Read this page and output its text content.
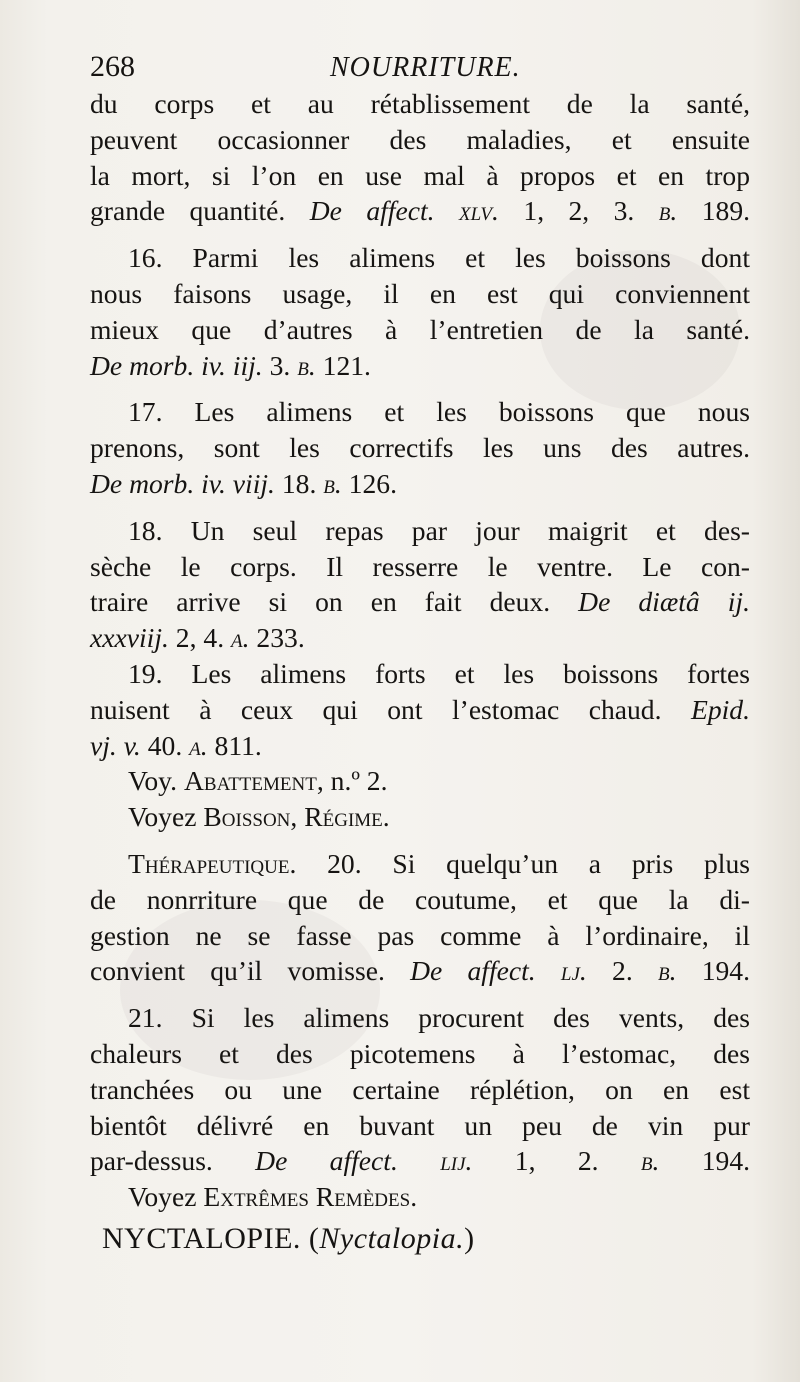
268	NOURRITURE.
du corps et au rétablissement de la santé,
peuvent occasionner des maladies, et ensuite
la mort, si l’on en use mal à propos et en trop
grande quantité. De affect. xlv. 1, 2, 3. b. 189.
16. Parmi les alimens et les boissons dont
nous faisons usage, il en est qui conviennent
mieux que d’autres à l’entretien de la santé.
De morb. iv. iij. 3. b. 121.
17. Les alimens et les boissons que nous
prenons, sont les correctifs les uns des autres.
De morb. iv. viij. 18. b. 126.
18. Un seul repas par jour maigrit et des-
sèche le corps. Il resserre le ventre. Le con-
traire arrive si on en fait deux. De diætâ ij.
xxxviij. 2, 4. a. 233.
19. Les alimens forts et les boissons fortes
nuisent à ceux qui ont l’estomac chaud. Epid.
vj. v. 40. a. 811.
Voy. Abattement, n.º 2.
Voyez Boisson, Régime.
Thérapeutique. 20. Si quelqu’un a pris plus
de nonrriture que de coutume, et que la di-
gestion ne se fasse pas comme à l’ordinaire, il
convient qu’il vomisse. De affect. lj. 2. b. 194.
21. Si les alimens procurent des vents, des
chaleurs et des picotemens à l’estomac, des
tranchées ou une certaine réplétion, on en est
bientôt délivré en buvant un peu de vin pur
par-dessus. De affect. lij. 1, 2. b. 194.
Voyez Extrêmes Remèdes.
NYCTALOPIE. (Nyctalopia.)
